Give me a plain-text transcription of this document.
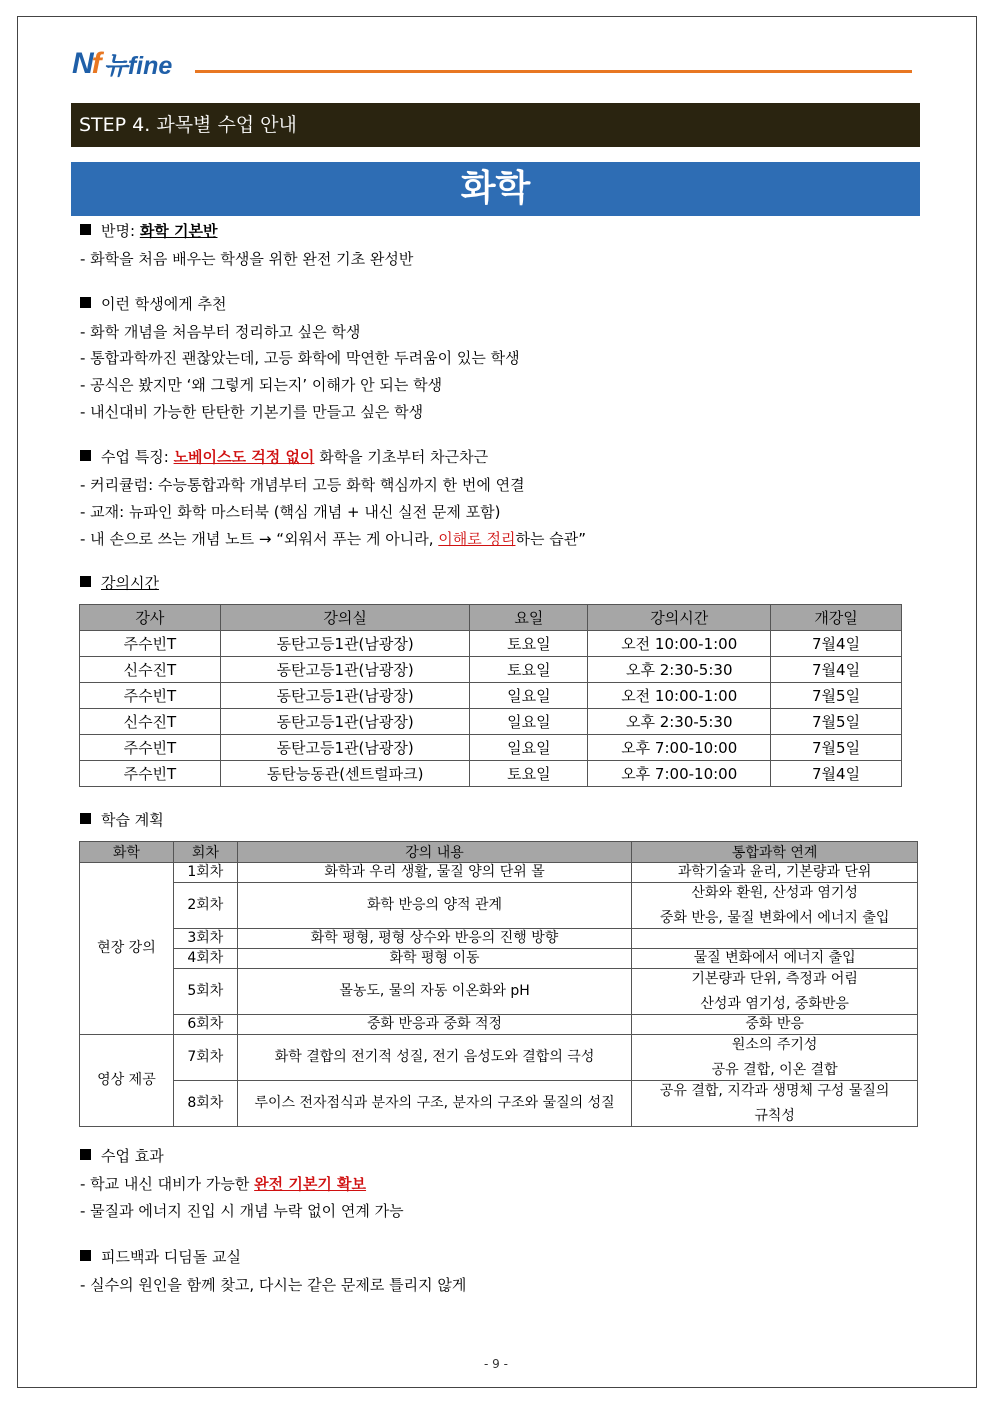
Nf 뉴fine
STEP 4. 과목별 수업 안내
화학
반명: 화학 기본반
- 화학을 처음 배우는 학생을 위한 완전 기초 완성반
이런 학생에게 추천
- 화학 개념을 처음부터 정리하고 싶은 학생
- 통합과학까진 괜찮았는데, 고등 화학에 막연한 두려움이 있는 학생
- 공식은 봤지만 ‘왜 그렇게 되는지’ 이해가 안 되는 학생
- 내신대비 가능한 탄탄한 기본기를 만들고 싶은 학생
수업 특징: 노베이스도 걱정 없이 화학을 기초부터 차근차근
- 커리큘럼: 수능통합과학 개념부터 고등 화학 핵심까지 한 번에 연결
- 교재: 뉴파인 화학 마스터북 (핵심 개념 + 내신 실전 문제 포함)
- 내 손으로 쓰는 개념 노트 → “외워서 푸는 게 아니라, 이해로 정리하는 습관”
강의시간
강사	강의실	요일	강의시간	개강일
주수빈T	동탄고등1관(남광장)	토요일	오전 10:00-1:00	7월4일
신수진T	동탄고등1관(남광장)	토요일	오후 2:30-5:30	7월4일
주수빈T	동탄고등1관(남광장)	일요일	오전 10:00-1:00	7월5일
신수진T	동탄고등1관(남광장)	일요일	오후 2:30-5:30	7월5일
주수빈T	동탄고등1관(남광장)	일요일	오후 7:00-10:00	7월5일
주수빈T	동탄능동관(센트럴파크)	토요일	오후 7:00-10:00	7월4일
학습 계획
화학	회차	강의 내용	통합과학 연계
현장 강의	1회차	화학과 우리 생활, 물질 양의 단위 몰	과학기술과 윤리, 기본량과 단위
	2회차	화학 반응의 양적 관계	산화와 환원, 산성과 염기성
중화 반응, 물질 변화에서 에너지 출입

	3회차	화학 평형, 평형 상수와 반응의 진행 방향	
	4회차	화학 평형 이동	물질 변화에서 에너지 출입
	5회차	몰농도, 물의 자동 이온화와 pH	기본량과 단위, 측정과 어림
산성과 염기성, 중화반응

	6회차	중화 반응과 중화 적정	중화 반응
영상 제공	7회차	화학 결합의 전기적 성질, 전기 음성도와 결합의 극성	원소의 주기성
공유 결합, 이온 결합

	8회차	루이스 전자점식과 분자의 구조, 분자의 구조와 물질의 성질	공유 결합, 지각과 생명체 구성 물질의
규칙성
수업 효과
- 학교 내신 대비가 가능한 완전 기본기 확보
- 물질과 에너지 진입 시 개념 누락 없이 연계 가능
피드백과 디딤돌 교실
- 실수의 원인을 함께 찾고, 다시는 같은 문제로 틀리지 않게
- 9 -
